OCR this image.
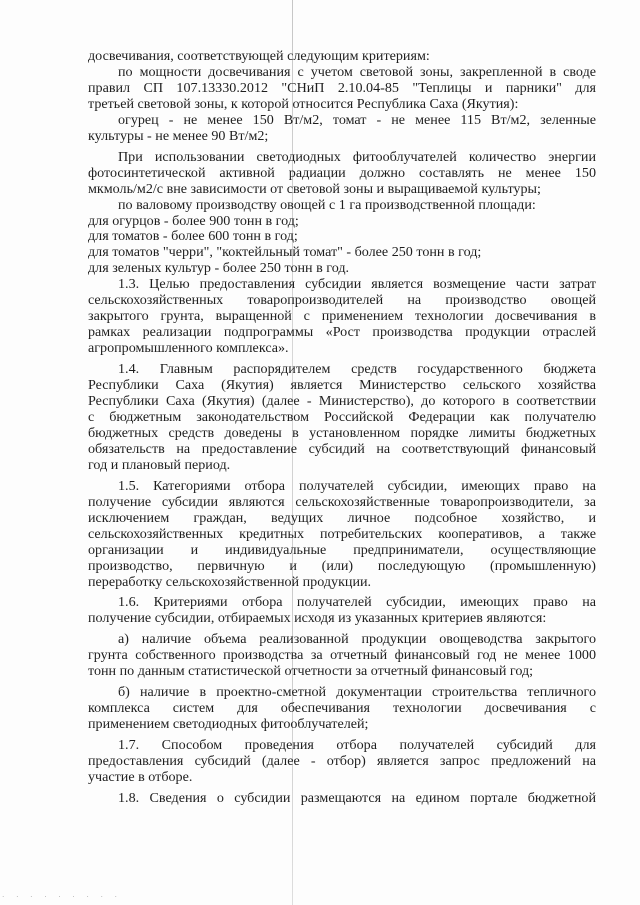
досвечивания, соответствующей следующим критериям:
по мощности досвечивания с учетом световой зоны, закрепленной в своде
правил СП 107.13330.2012 "СНиП 2.10.04-85 "Теплицы и парники" для
третьей световой зоны, к которой относится Республика Саха (Якутия):
огурец - не менее 150 Вт/м2, томат - не менее 115 Вт/м2, зеленные
культуры - не менее 90 Вт/м2;
При использовании светодиодных фитооблучателей количество энергии
фотосинтетической активной радиации должно составлять не менее 150
мкмоль/м2/с вне зависимости от световой зоны и выращиваемой культуры;
по валовому производству овощей с 1 га производственной площади:
для огурцов - более 900 тонн в год;
для томатов - более 600 тонн в год;
для томатов "черри", "коктейльный томат" - более 250 тонн в год;
для зеленых культур - более 250 тонн в год.
1.3. Целью предоставления субсидии является возмещение части затрат
сельскохозяйственных товаропроизводителей на производство овощей
закрытого грунта, выращенной с применением технологии досвечивания в
рамках реализации подпрограммы «Рост производства продукции отраслей
агропромышленного комплекса».
1.4. Главным распорядителем средств государственного бюджета
Республики Саха (Якутия) является Министерство сельского хозяйства
Республики Саха (Якутия) (далее - Министерство), до которого в соответствии
с бюджетным законодательством Российской Федерации как получателю
бюджетных средств доведены в установленном порядке лимиты бюджетных
обязательств на предоставление субсидий на соответствующий финансовый
год и плановый период.
1.5. Категориями отбора получателей субсидии, имеющих право на
получение субсидии являются сельскохозяйственные товаропроизводители, за
исключением граждан, ведущих личное подсобное хозяйство, и
сельскохозяйственных кредитных потребительских кооперативов, а также
организации и индивидуальные предприниматели, осуществляющие
производство, первичную и (или) последующую (промышленную)
переработку сельскохозяйственной продукции.
1.6. Критериями отбора получателей субсидии, имеющих право на
получение субсидии, отбираемых исходя из указанных критериев являются:
а) наличие объема реализованной продукции овощеводства закрытого
грунта собственного производства за отчетный финансовый год не менее 1000
тонн по данным статистической отчетности за отчетный финансовый год;
б) наличие в проектно-сметной документации строительства тепличного
комплекса систем для обеспечивания технологии досвечивания с
применением светодиодных фитооблучателей;
1.7. Способом проведения отбора получателей субсидий для
предоставления субсидий (далее - отбор) является запрос предложений на
участие в отборе.
1.8. Сведения о субсидии размещаются на едином портале бюджетной
· · · · · · · · ·
